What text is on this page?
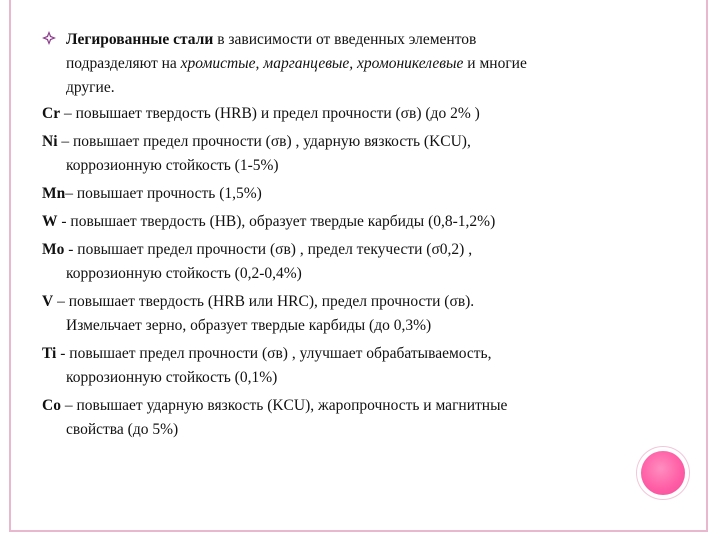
Легированные стали в зависимости от введенных элементов
подразделяют на хромистые, марганцевые, хромоникелевые и многие
другие.
Cr – повышает твердость (HRB) и предел прочности (σв) (до 2% )
Ni – повышает предел прочности (σв) , ударную вязкость (KCU),
коррозионную стойкость (1-5%)
Mn– повышает прочность (1,5%)
W - повышает твердость (HB), образует твердые карбиды (0,8-1,2%)
Mo - повышает предел прочности (σв) , предел текучести (σ0,2) ,
коррозионную стойкость (0,2-0,4%)
V – повышает твердость (HRB или HRC), предел прочности (σв).
Измельчает зерно, образует твердые карбиды (до 0,3%)
Ti - повышает предел прочности (σв) , улучшает обрабатываемость,
коррозионную стойкость (0,1%)
Co – повышает ударную вязкость (KCU), жаропрочность и магнитные
свойства (до 5%)
